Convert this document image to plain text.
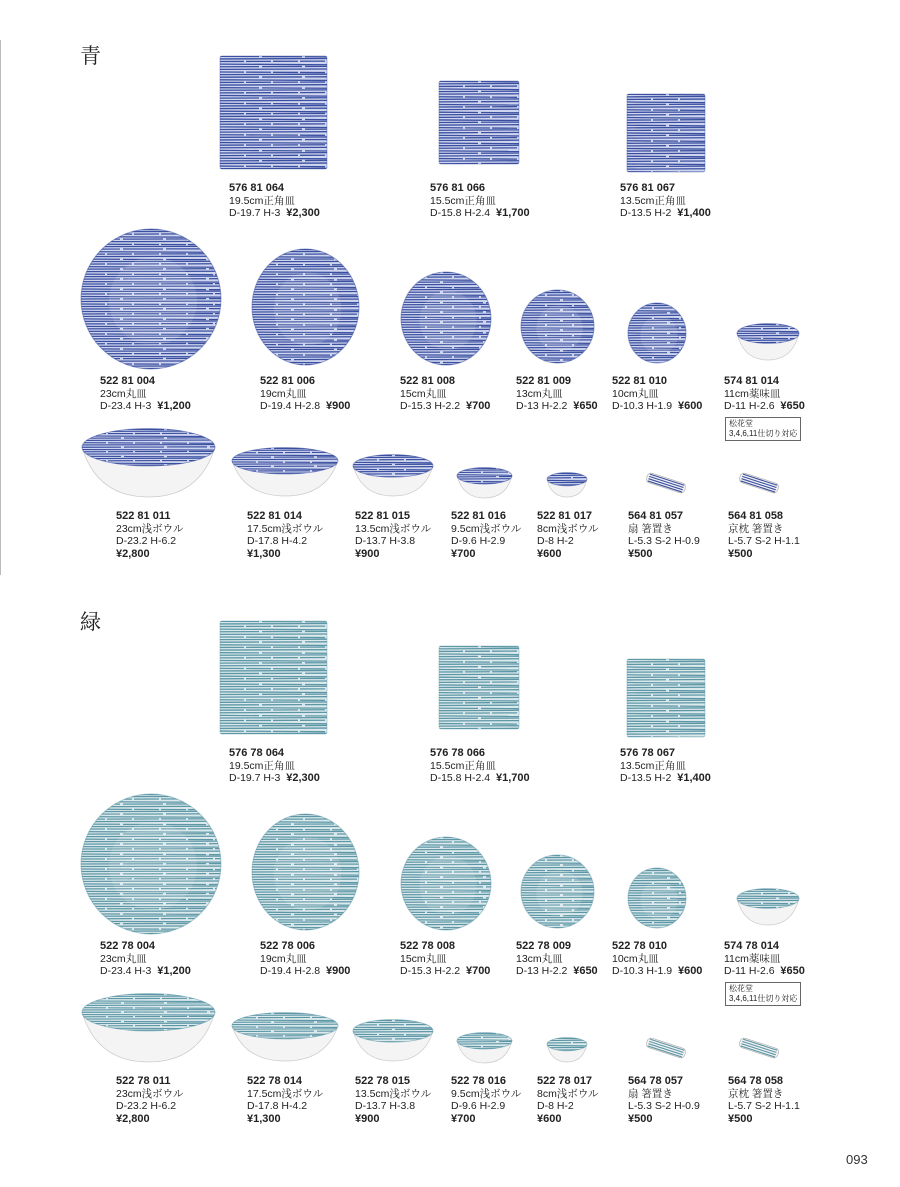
青
576 81 064
19.5cm正角皿
D-19.7 H-3 ¥2,300
576 81 066
15.5cm正角皿
D-15.8 H-2.4 ¥1,700
576 81 067
13.5cm正角皿
D-13.5 H-2 ¥1,400
522 81 004
23cm丸皿
D-23.4 H-3 ¥1,200
522 81 006
19cm丸皿
D-19.4 H-2.8 ¥900
522 81 008
15cm丸皿
D-15.3 H-2.2 ¥700
522 81 009
13cm丸皿
D-13 H-2.2 ¥650
522 81 010
10cm丸皿
D-10.3 H-1.9 ¥600
574 81 014
11cm薬味皿
D-11 H-2.6 ¥650
松花堂
3,4,6,11仕切り対応
522 81 011
23cm浅ボウル
D-23.2 H-6.2
¥2,800
522 81 014
17.5cm浅ボウル
D-17.8 H-4.2
¥1,300
522 81 015
13.5cm浅ボウル
D-13.7 H-3.8
¥900
522 81 016
9.5cm浅ボウル
D-9.6 H-2.9
¥700
522 81 017
8cm浅ボウル
D-8 H-2
¥600
564 81 057
扇 箸置き
L-5.3 S-2 H-0.9
¥500
564 81 058
京枕 箸置き
L-5.7 S-2 H-1.1
¥500
緑
576 78 064
19.5cm正角皿
D-19.7 H-3 ¥2,300
576 78 066
15.5cm正角皿
D-15.8 H-2.4 ¥1,700
576 78 067
13.5cm正角皿
D-13.5 H-2 ¥1,400
522 78 004
23cm丸皿
D-23.4 H-3 ¥1,200
522 78 006
19cm丸皿
D-19.4 H-2.8 ¥900
522 78 008
15cm丸皿
D-15.3 H-2.2 ¥700
522 78 009
13cm丸皿
D-13 H-2.2 ¥650
522 78 010
10cm丸皿
D-10.3 H-1.9 ¥600
574 78 014
11cm薬味皿
D-11 H-2.6 ¥650
松花堂
3,4,6,11仕切り対応
522 78 011
23cm浅ボウル
D-23.2 H-6.2
¥2,800
522 78 014
17.5cm浅ボウル
D-17.8 H-4.2
¥1,300
522 78 015
13.5cm浅ボウル
D-13.7 H-3.8
¥900
522 78 016
9.5cm浅ボウル
D-9.6 H-2.9
¥700
522 78 017
8cm浅ボウル
D-8 H-2
¥600
564 78 057
扇 箸置き
L-5.3 S-2 H-0.9
¥500
564 78 058
京枕 箸置き
L-5.7 S-2 H-1.1
¥500
093
